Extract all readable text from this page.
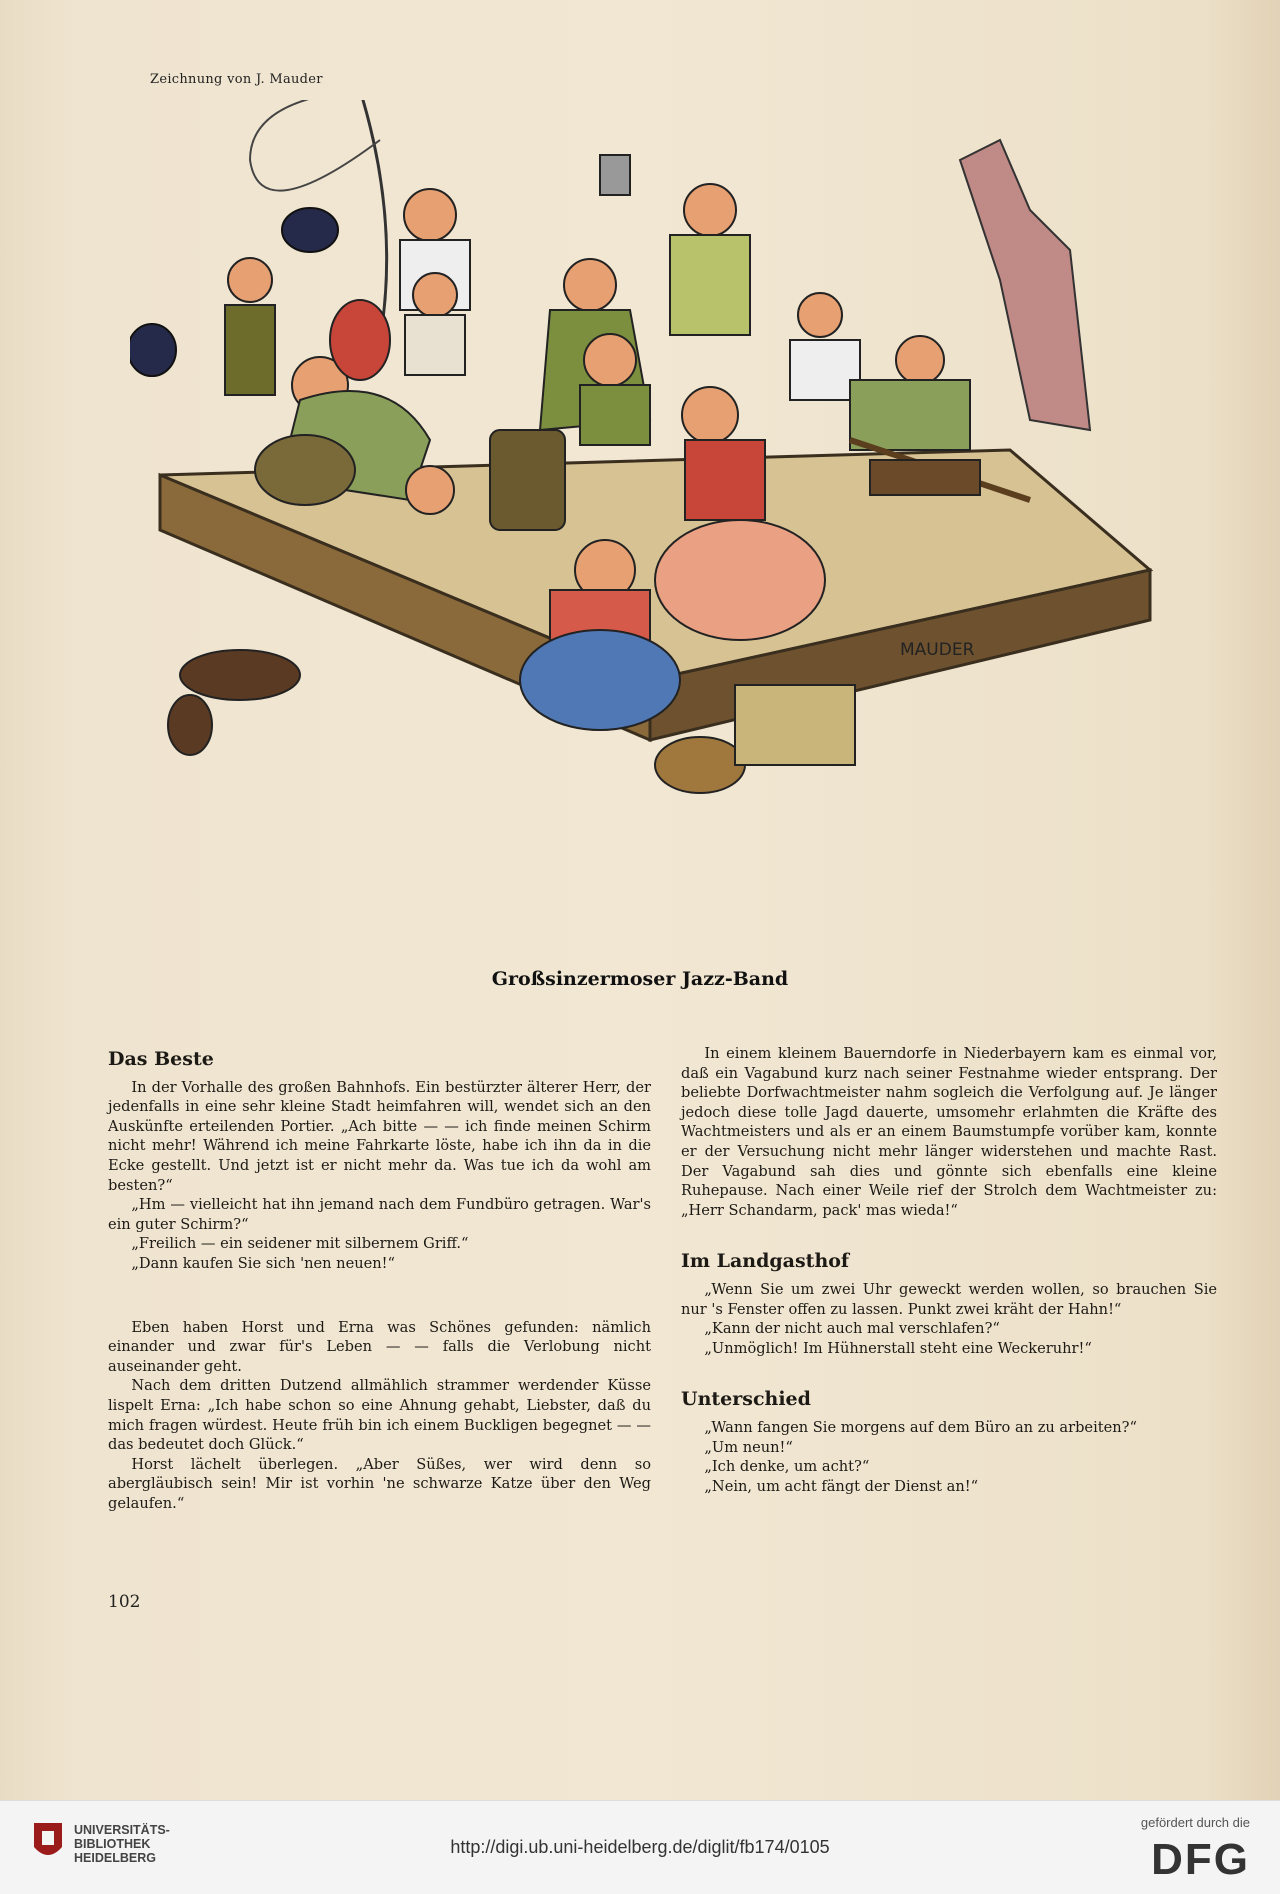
Zeichnung von J. Mauder
MAUDER
Großsinzermoser Jazz-Band
Das Beste

In der Vorhalle des großen Bahnhofs. Ein bestürzter älterer Herr, der jedenfalls in eine sehr kleine Stadt heimfahren will, wendet sich an den Auskünfte erteilenden Portier. „Ach bitte — — ich finde meinen Schirm nicht mehr! Während ich meine Fahrkarte löste, habe ich ihn da in die Ecke gestellt. Und jetzt ist er nicht mehr da. Was tue ich da wohl am besten?“

„Hm — vielleicht hat ihn jemand nach dem Fundbüro getragen. War's ein guter Schirm?“

„Freilich — ein seidener mit silbernem Griff.“

„Dann kaufen Sie sich 'nen neuen!“

Eben haben Horst und Erna was Schönes gefunden: nämlich einander und zwar für's Leben — — falls die Verlobung nicht auseinander geht.

Nach dem dritten Dutzend allmählich strammer werdender Küsse lispelt Erna: „Ich habe schon so eine Ahnung gehabt, Liebster, daß du mich fragen würdest. Heute früh bin ich einem Buckligen begegnet — — das bedeutet doch Glück.“

Horst lächelt überlegen. „Aber Süßes, wer wird denn so abergläubisch sein! Mir ist vorhin 'ne schwarze Katze über den Weg gelaufen.“

In einem kleinem Bauerndorfe in Niederbayern kam es einmal vor, daß ein Vagabund kurz nach seiner Festnahme wieder entsprang. Der beliebte Dorfwachtmeister nahm sogleich die Verfolgung auf. Je länger jedoch diese tolle Jagd dauerte, umsomehr erlahmten die Kräfte des Wachtmeisters und als er an einem Baumstumpfe vorüber kam, konnte er der Versuchung nicht mehr länger widerstehen und machte Rast. Der Vagabund sah dies und gönnte sich ebenfalls eine kleine Ruhepause. Nach einer Weile rief der Strolch dem Wachtmeister zu: „Herr Schandarm, pack' mas wieda!“

Im Landgasthof

„Wenn Sie um zwei Uhr geweckt werden wollen, so brauchen Sie nur 's Fenster offen zu lassen. Punkt zwei kräht der Hahn!“

„Kann der nicht auch mal verschlafen?“

„Unmöglich! Im Hühnerstall steht eine Weckeruhr!“

Unterschied

„Wann fangen Sie morgens auf dem Büro an zu arbeiten?“

„Um neun!“

„Ich denke, um acht?“

„Nein, um acht fängt der Dienst an!“

102
UNIVERSITÄTS-
BIBLIOTHEK
HEIDELBERG
http://digi.ub.uni-heidelberg.de/diglit/fb174/0105
gefördert durch die
DFG
